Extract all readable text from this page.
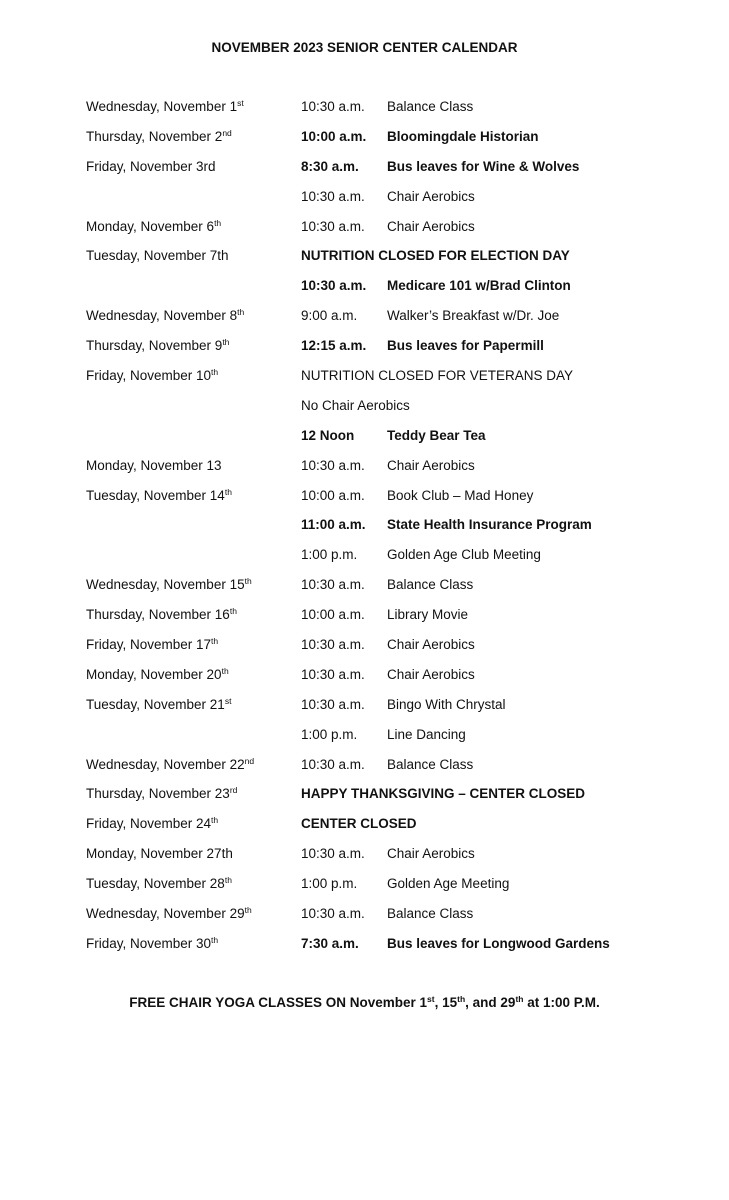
NOVEMBER 2023 SENIOR CENTER CALENDAR
Wednesday, November 1st	10:30 a.m. Balance Class
Thursday, November 2nd	10:00 a.m. Bloomingdale Historian
Friday, November 3rd	8:30 a.m. Bus leaves for Wine & Wolves
10:30 a.m. Chair Aerobics
Monday, November 6th	10:30 a.m. Chair Aerobics
Tuesday, November 7th	NUTRITION CLOSED FOR ELECTION DAY
10:30 a.m. Medicare 101 w/Brad Clinton
Wednesday, November 8th	9:00 a.m. Walker’s Breakfast w/Dr. Joe
Thursday, November 9th	12:15 a.m. Bus leaves for Papermill
Friday, November 10th	NUTRITION CLOSED FOR VETERANS DAY
No Chair Aerobics
12 Noon Teddy Bear Tea
Monday, November 13	10:30 a.m. Chair Aerobics
Tuesday, November 14th	10:00 a.m. Book Club – Mad Honey
11:00 a.m. State Health Insurance Program
1:00 p.m. Golden Age Club Meeting
Wednesday, November 15th	10:30 a.m. Balance Class
Thursday, November 16th	10:00 a.m. Library Movie
Friday, November 17th	10:30 a.m. Chair Aerobics
Monday, November 20th	10:30 a.m. Chair Aerobics
Tuesday, November 21st	10:30 a.m. Bingo With Chrystal
1:00 p.m. Line Dancing
Wednesday, November 22nd	10:30 a.m. Balance Class
Thursday, November 23rd	HAPPY THANKSGIVING – CENTER CLOSED
Friday, November 24th	CENTER CLOSED
Monday, November 27th	10:30 a.m. Chair Aerobics
Tuesday, November 28th	1:00 p.m. Golden Age Meeting
Wednesday, November 29th	10:30 a.m. Balance Class
Friday, November 30th	7:30 a.m. Bus leaves for Longwood Gardens
FREE CHAIR YOGA CLASSES ON November 1st, 15th, and 29th at 1:00 P.M.
